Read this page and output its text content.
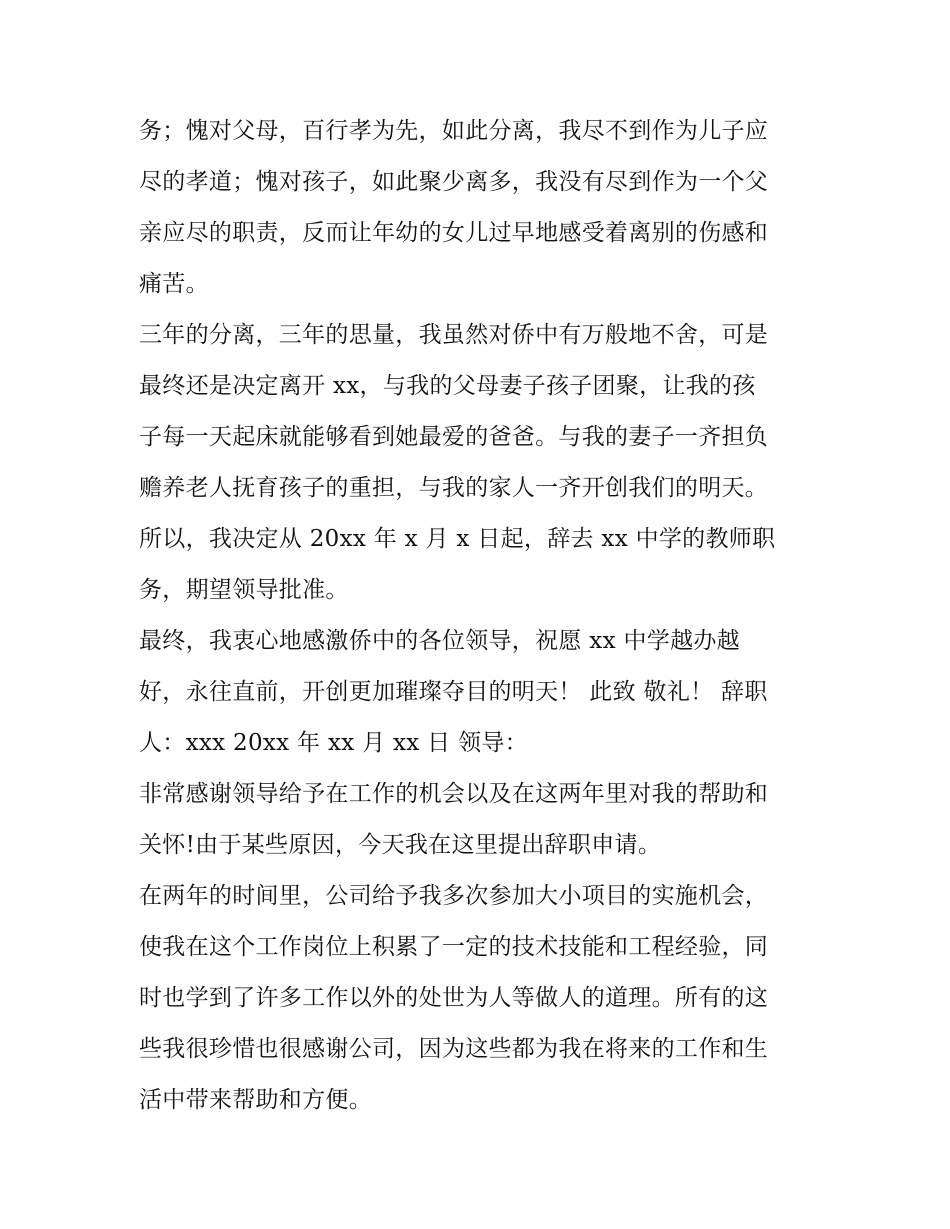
务；愧对父母，百行孝为先，如此分离，我尽不到作为儿子应
尽的孝道；愧对孩子，如此聚少离多，我没有尽到作为一个父
亲应尽的职责，反而让年幼的女儿过早地感受着离别的伤感和
痛苦。
三年的分离，三年的思量，我虽然对侨中有万般地不舍，可是
最终还是决定离开 xx，与我的父母妻子孩子团聚，让我的孩
子每一天起床就能够看到她最爱的爸爸。与我的妻子一齐担负
赡养老人抚育孩子的重担，与我的家人一齐开创我们的明天。
所以，我决定从 20xx 年 x 月 x 日起，辞去 xx 中学的教师职
务，期望领导批准。
最终，我衷心地感激侨中的各位领导，祝愿 xx 中学越办越
好，永往直前，开创更加璀璨夺目的明天！ 此致 敬礼！ 辞职
人：xxx 20xx 年 xx 月 xx 日 领导：
非常感谢领导给予在工作的机会以及在这两年里对我的帮助和
关怀!由于某些原因，今天我在这里提出辞职申请。
在两年的时间里，公司给予我多次参加大小项目的实施机会，
使我在这个工作岗位上积累了一定的技术技能和工程经验，同
时也学到了许多工作以外的处世为人等做人的道理。所有的这
些我很珍惜也很感谢公司，因为这些都为我在将来的工作和生
活中带来帮助和方便。
